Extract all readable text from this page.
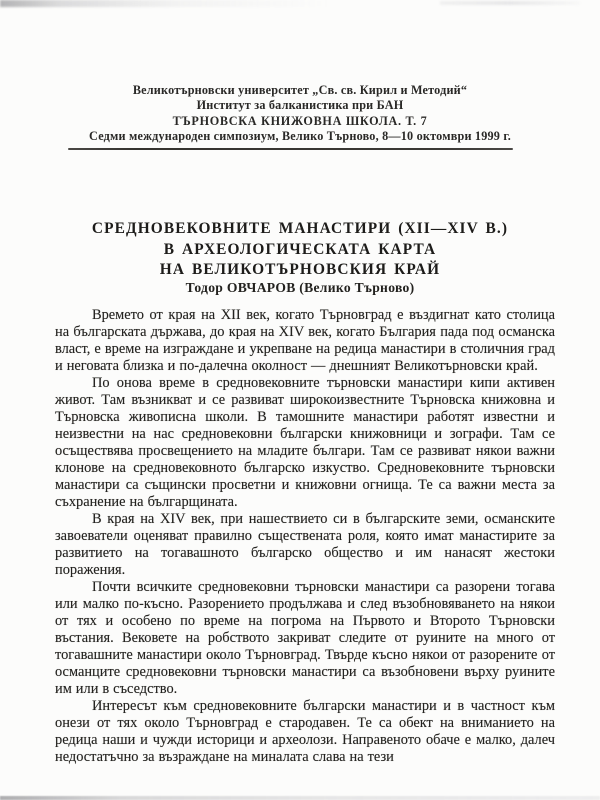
Великотърновски университет „Св. св. Кирил и Методий“
Институт за балканистика при БАН
ТЪРНОВСКА КНИЖОВНА ШКОЛА. Т. 7
Седми международен симпозиум, Велико Търново, 8—10 октомври 1999 г.
СРЕДНОВЕКОВНИТЕ МАНАСТИРИ (XII—XIV В.)
В АРХЕОЛОГИЧЕСКАТА КАРТА
НА ВЕЛИКОТЪРНОВСКИЯ КРАЙ
Тодор ОВЧАРОВ (Велико Търново)

Времето от края на XII век, когато Търновград е въздигнат като столица на българската държава, до края на XIV век, когато България пада под османска власт, е време на изграждане и укрепване на редица манастири в столичния град и неговата близка и по-далечна околност — днешният Великотърновски край.

По онова време в средновековните търновски манастири кипи активен живот. Там възникват и се развиват широкоизвестните Търновска книжовна и Търновска живописна школи. В тамошните манастири работят известни и неизвестни на нас средновековни български книжовници и зографи. Там се осъществява просвещението на младите българи. Там се развиват някои важни клонове на средновековното българско изкуство. Средновековните търновски манастири са същински просветни и книжовни огнища. Те са важни места за съхранение на българщината.

В края на XIV век, при нашествието си в българските земи, османските завоеватели оценяват правилно съществената роля, която имат манастирите за развитието на тогавашното българско общество и им нанасят жестоки поражения.

Почти всичките средновековни търновски манастири са разорени тогава или малко по-късно. Разорението продължава и след възобновяването на някои от тях и особено по време на погрома на Първото и Второто Търновски въстания. Вековете на робството закриват следите от руините на много от тогавашните манастири около Търновград. Твърде късно някои от разорените от османците средновековни търновски манастири са възобновени върху руините им или в съседство.

Интересът към средновековните български манастири и в частност към онези от тях около Търновград е стародавен. Те са обект на вниманието на редица наши и чужди историци и археолози. Направеното обаче е малко, далеч недостатъчно за възраждане на миналата слава на тези
